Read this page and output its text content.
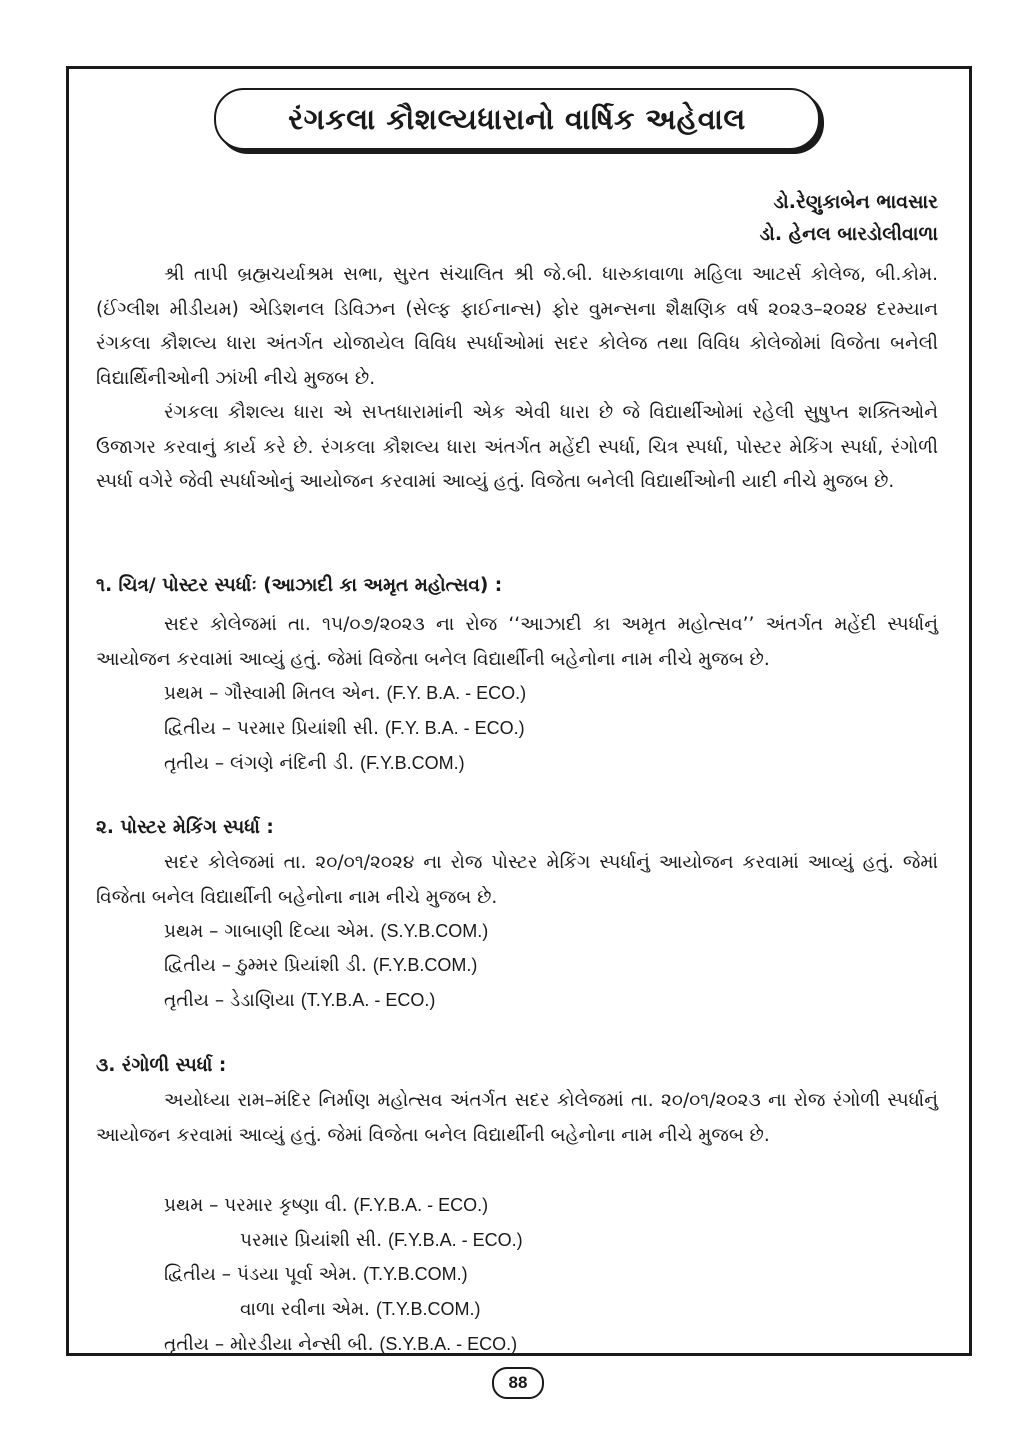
રંગકલા કૌશલ્યધારાનો વાર્ષિક અહેવાલ
ડો.રેણુકાબેન ભાવસાર
ડો. હેનલ બારડોલીવાળા

શ્રી તાપી બ્રહ્મચર્યાશ્રમ સભા, સુરત સંચાલિત શ્રી જે.બી. ધારુકાવાળા મહિલા આટર્સ કોલેજ, બી.કોમ. (ઈંગ્લીશ મીડીયમ) એડિશનલ ડિવિઝન (સેલ્ફ ફાઈનાન્સ) ફોર વુમન્સના શૈક્ષણિક વર્ષ ૨૦૨૩–૨૦૨૪ દરમ્યાન રંગકલા કૌશલ્ય ધારા અંતર્ગત યોજાયેલ વિવિધ સ્પર્ધાઓમાં સદર કોલેજ તથા વિવિધ કોલેજોમાં વિજેતા બનેલી વિદ્યાર્થિનીઓની ઝાંખી નીચે મુજબ છે.

રંગકલા કૌશલ્ય ધારા એ સપ્તધારામાંની એક એવી ધારા છે જે વિદ્યાર્થીઓમાં રહેલી સુષુપ્ત શક્તિઓને ઉજાગર કરવાનું કાર્ય કરે છે. રંગકલા કૌશલ્ય ધારા અંતર્ગત મહેંદી સ્પર્ધા, ચિત્ર સ્પર્ધા, પોસ્ટર મેકિંગ સ્પર્ધા, રંગોળી સ્પર્ધા વગેરે જેવી સ્પર્ધાઓનું આયોજન કરવામાં આવ્યું હતું. વિજેતા બનેલી વિદ્યાર્થીઓની યાદી નીચે મુજબ છે.

૧. ચિત્ર/ પોસ્ટર સ્પર્ધાઃ (આઝાદી કા અમૃત મહોત્સવ) :

સદર કોલેજમાં તા. ૧૫/૦૭/૨૦૨૩ ના રોજ ‘‘આઝાદી કા અમૃત મહોત્સવ’’ અંતર્ગત મહેંદી સ્પર્ધાનું આયોજન કરવામાં આવ્યું હતું. જેમાં વિજેતા બનેલ વિદ્યાર્થીની બહેનોના નામ નીચે મુજબ છે.

પ્રથમ – ગૌસ્વામી મિતલ એન. (F.Y. B.A. - ECO.)
દ્વિતીય – પરમાર પ્રિયાંશી સી. (F.Y. B.A. - ECO.)
તૃતીય – લંગણે નંદિની ડી. (F.Y.B.COM.)
૨. પોસ્ટર મેકિંગ સ્પર્ધા :

સદર કોલેજમાં તા. ૨૦/૦૧/૨૦૨૪ ના રોજ પોસ્ટર મેકિંગ સ્પર્ધાનું આયોજન કરવામાં આવ્યું હતું. જેમાં વિજેતા બનેલ વિદ્યાર્થીની બહેનોના નામ નીચે મુજબ છે.

પ્રથમ – ગાબાણી દિવ્યા એમ. (S.Y.B.COM.)
દ્વિતીય – ઠુમ્મર પ્રિયાંશી ડી. (F.Y.B.COM.)
તૃતીય – ડેડાણિયા (T.Y.B.A. - ECO.)
૩. રંગોળી સ્પર્ધા :

અયોધ્યા રામ–મંદિર નિર્માણ મહોત્સવ અંતર્ગત સદર કોલેજમાં તા. ૨૦/૦૧/૨૦૨૩ ના રોજ રંગોળી સ્પર્ધાનું આયોજન કરવામાં આવ્યું હતું. જેમાં વિજેતા બનેલ વિદ્યાર્થીની બહેનોના નામ નીચે મુજબ છે.

પ્રથમ – પરમાર કૃષ્ણા વી. (F.Y.B.A. - ECO.)
પરમાર પ્રિયાંશી સી. (F.Y.B.A. - ECO.)
દ્વિતીય – પંડયા પૂર્વા એમ. (T.Y.B.COM.)
વાળા રવીના એમ. (T.Y.B.COM.)
તૃતીય – મોરડીયા નેન્સી બી. (S.Y.B.A. - ECO.)
88
